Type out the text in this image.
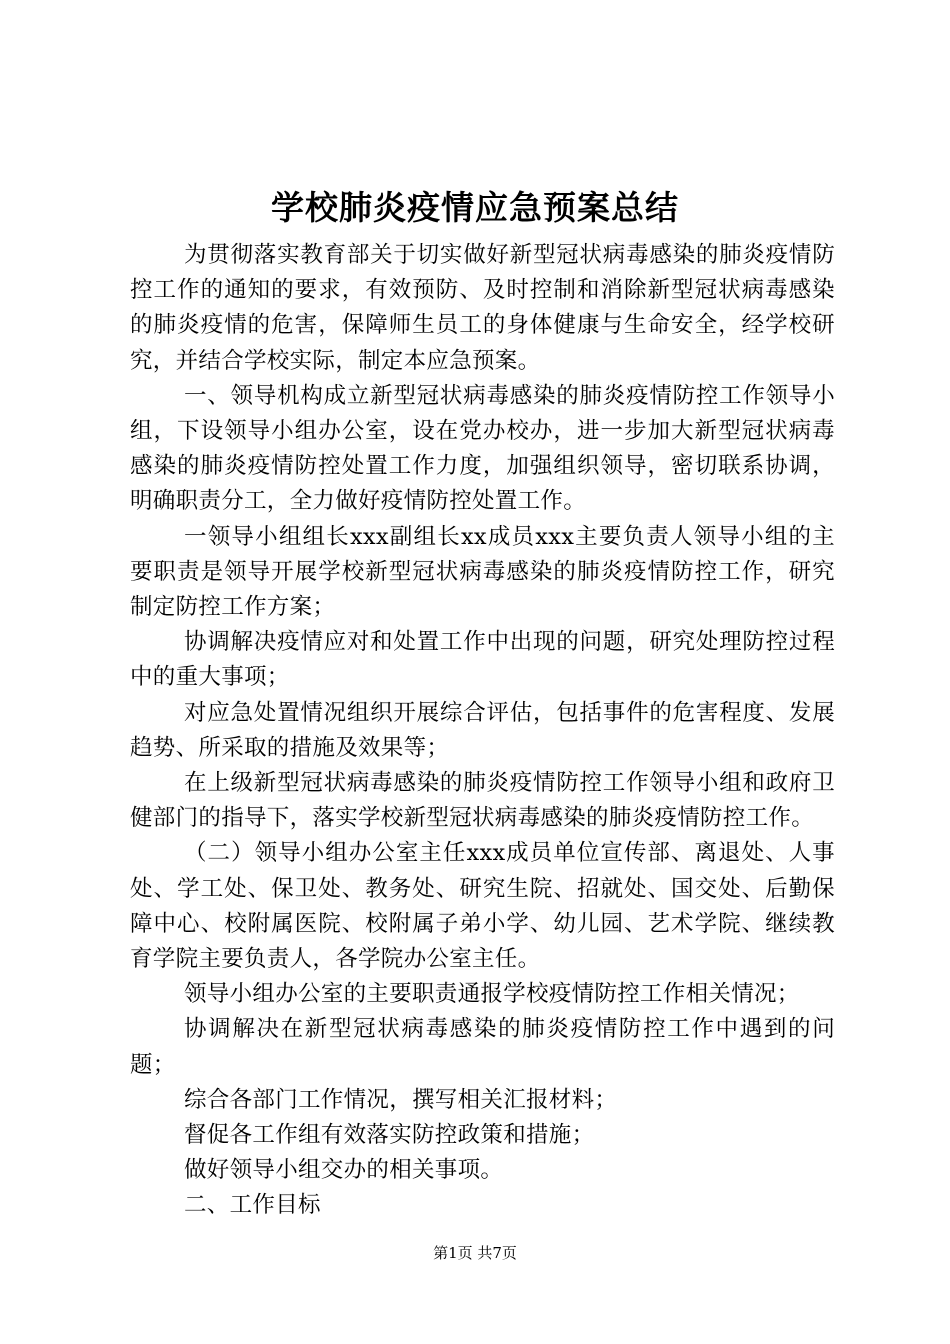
学校肺炎疫情应急预案总结

为贯彻落实教育部关于切实做好新型冠状病毒感染的肺炎疫情防控工作的通知的要求，有效预防、及时控制和消除新型冠状病毒感染的肺炎疫情的危害，保障师生员工的身体健康与生命安全，经学校研究，并结合学校实际，制定本应急预案。

一、领导机构成立新型冠状病毒感染的肺炎疫情防控工作领导小组，下设领导小组办公室，设在党办校办，进一步加大新型冠状病毒感染的肺炎疫情防控处置工作力度，加强组织领导，密切联系协调，明确职责分工，全力做好疫情防控处置工作。

一领导小组组长xxx副组长xx成员xxx主要负责人领导小组的主要职责是领导开展学校新型冠状病毒感染的肺炎疫情防控工作，研究制定防控工作方案；

协调解决疫情应对和处置工作中出现的问题，研究处理防控过程中的重大事项；

对应急处置情况组织开展综合评估，包括事件的危害程度、发展趋势、所采取的措施及效果等；

在上级新型冠状病毒感染的肺炎疫情防控工作领导小组和政府卫健部门的指导下，落实学校新型冠状病毒感染的肺炎疫情防控工作。

（二）领导小组办公室主任xxx成员单位宣传部、离退处、人事处、学工处、保卫处、教务处、研究生院、招就处、国交处、后勤保障中心、校附属医院、校附属子弟小学、幼儿园、艺术学院、继续教育学院主要负责人，各学院办公室主任。

领导小组办公室的主要职责通报学校疫情防控工作相关情况；

协调解决在新型冠状病毒感染的肺炎疫情防控工作中遇到的问题；

综合各部门工作情况，撰写相关汇报材料；

督促各工作组有效落实防控政策和措施；

做好领导小组交办的相关事项。

二、工作目标

第1页 共7页
